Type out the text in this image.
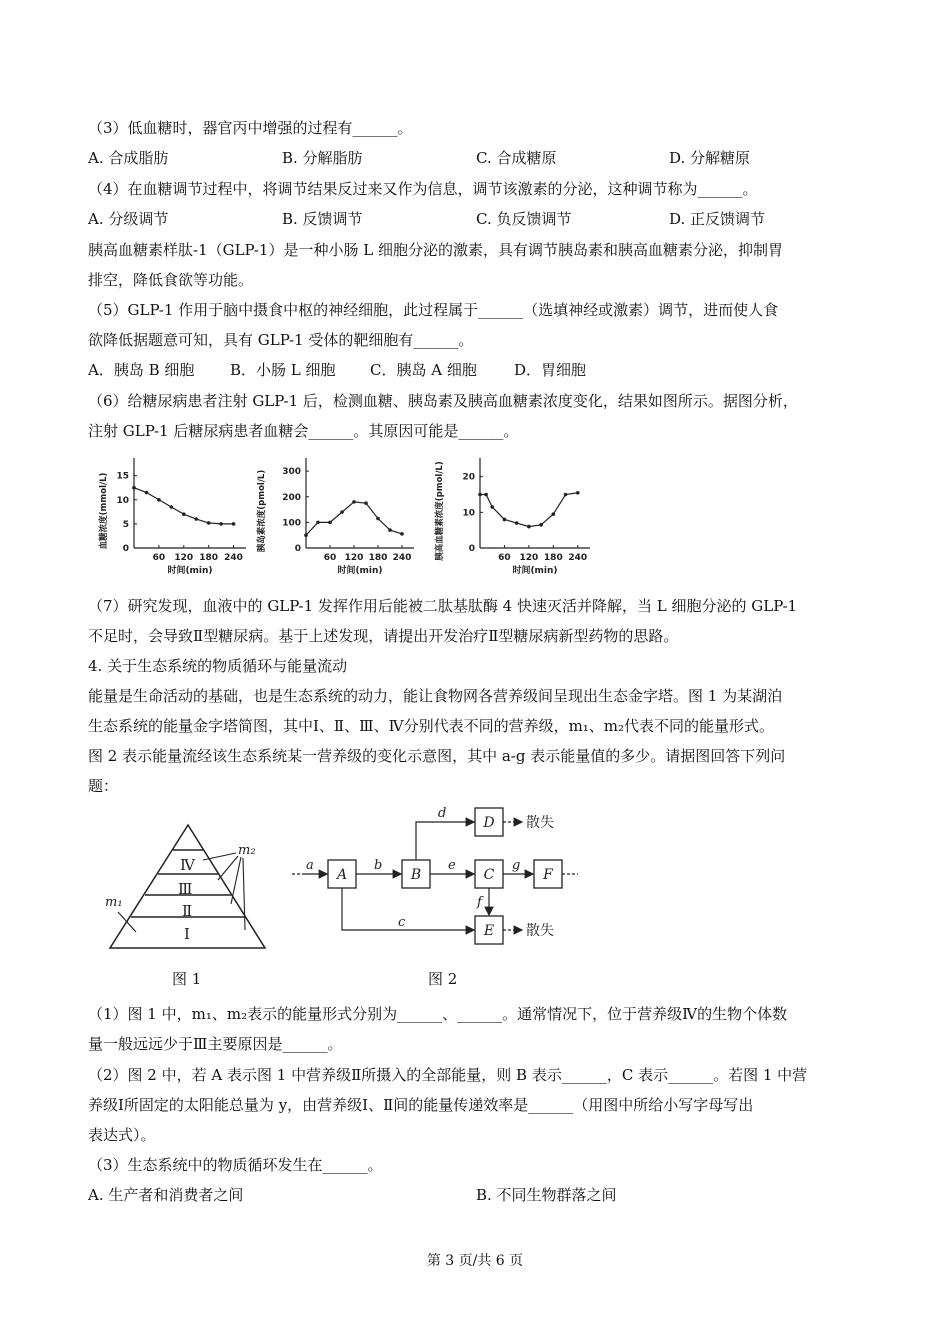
（3）低血糖时，器官丙中增强的过程有______。
A. 合成脂肪	B. 分解脂肪	C. 合成糖原	D. 分解糖原
（4）在血糖调节过程中，将调节结果反过来又作为信息，调节该激素的分泌，这种调节称为______。
A. 分级调节	B. 反馈调节	C. 负反馈调节	D. 正反馈调节
胰高血糖素样肽-1（GLP-1）是一种小肠 L 细胞分泌的激素，具有调节胰岛素和胰高血糖素分泌，抑制胃
排空，降低食欲等功能。
（5）GLP-1 作用于脑中摄食中枢的神经细胞，此过程属于______（选填神经或激素）调节，进而使人食
欲降低据题意可知，具有 GLP-1 受体的靶细胞有______。
A．胰岛 B 细胞 B．小肠 L 细胞 C．胰岛 A 细胞 D．胃细胞
（6）给糖尿病患者注射 GLP-1 后，检测血糖、胰岛素及胰高血糖素浓度变化，结果如图所示。据图分析，
注射 GLP-1 后糖尿病患者血糖会______。其原因可能是______。
60 120 180 240
0
5
10
15
时间(min)
血糖浓度(mmol/L)
60 120 180 240
0
100
200
300
时间(min)
胰岛素浓度(pmol/L)
60 120 180 240
0
10
20
时间(min)
胰高血糖素浓度(pmol/L)
（7）研究发现，血液中的 GLP-1 发挥作用后能被二肽基肽酶 4 快速灭活并降解，当 L 细胞分泌的 GLP-1
不足时，会导致Ⅱ型糖尿病。基于上述发现，请提出开发治疗Ⅱ型糖尿病新型药物的思路。
4. 关于生态系统的物质循环与能量流动
能量是生命活动的基础，也是生态系统的动力，能让食物网各营养级间呈现出生态金字塔。图 1 为某湖泊
生态系统的能量金字塔简图，其中Ⅰ、Ⅱ、Ⅲ、Ⅳ分别代表不同的营养级，m₁、m₂代表不同的能量形式。
图 2 表示能量流经该生态系统某一营养级的变化示意图，其中 a-g 表示能量值的多少。请据图回答下列问
题：
Ⅳ
Ⅲ
Ⅱ
Ⅰ
m₂
m₁
图 1
A	B	C
D
E
F
a	b
c
d
e
f
g
散失
散失
图 2
（1）图 1 中，m₁、m₂表示的能量形式分别为______、______。通常情况下，位于营养级Ⅳ的生物个体数
量一般远远少于Ⅲ主要原因是______。
（2）图 2 中，若 A 表示图 1 中营养级Ⅱ所摄入的全部能量，则 B 表示______，C 表示______。若图 1 中营
养级Ⅰ所固定的太阳能总量为 y，由营养级Ⅰ、Ⅱ间的能量传递效率是______（用图中所给小写字母写出
表达式）。
（3）生态系统中的物质循环发生在______。
A. 生产者和消费者之间	B. 不同生物群落之间
第 3 页/共 6 页
